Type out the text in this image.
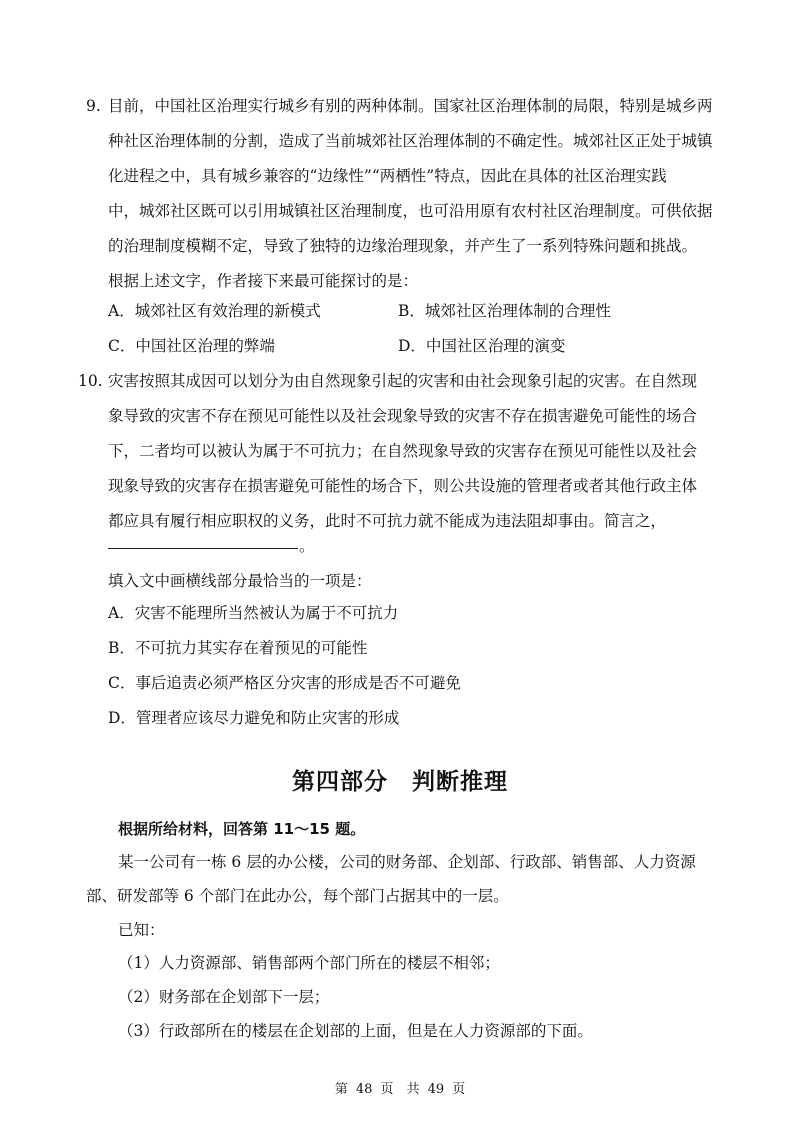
9. 目前，中国社区治理实行城乡有别的两种体制。国家社区治理体制的局限，特别是城乡两
种社区治理体制的分割，造成了当前城郊社区治理体制的不确定性。城郊社区正处于城镇
化进程之中，具有城乡兼容的“边缘性”“两栖性”特点，因此在具体的社区治理实践
中，城郊社区既可以引用城镇社区治理制度，也可沿用原有农村社区治理制度。可供依据
的治理制度模糊不定，导致了独特的边缘治理现象，并产生了一系列特殊问题和挑战。
根据上述文字，作者接下来最可能探讨的是：
A．城郊社区有效治理的新模式	B．城郊社区治理体制的合理性
C．中国社区治理的弊端	D．中国社区治理的演变
10. 灾害按照其成因可以划分为由自然现象引起的灾害和由社会现象引起的灾害。在自然现
象导致的灾害不存在预见可能性以及社会现象导致的灾害不存在损害避免可能性的场合
下，二者均可以被认为属于不可抗力；在自然现象导致的灾害存在预见可能性以及社会
现象导致的灾害存在损害避免可能性的场合下，则公共设施的管理者或者其他行政主体
都应具有履行相应职权的义务，此时不可抗力就不能成为违法阻却事由。简言之，
。
填入文中画横线部分最恰当的一项是：
A．灾害不能理所当然被认为属于不可抗力
B．不可抗力其实存在着预见的可能性
C．事后追责必须严格区分灾害的形成是否不可避免
D．管理者应该尽力避免和防止灾害的形成
第四部分　判断推理
根据所给材料，回答第 11～15 题。
某一公司有一栋 6 层的办公楼，公司的财务部、企划部、行政部、销售部、人力资源
部、研发部等 6 个部门在此办公，每个部门占据其中的一层。
已知：
（1）人力资源部、销售部两个部门所在的楼层不相邻；
（2）财务部在企划部下一层；
（3）行政部所在的楼层在企划部的上面，但是在人力资源部的下面。
第 48 页　共 49 页
